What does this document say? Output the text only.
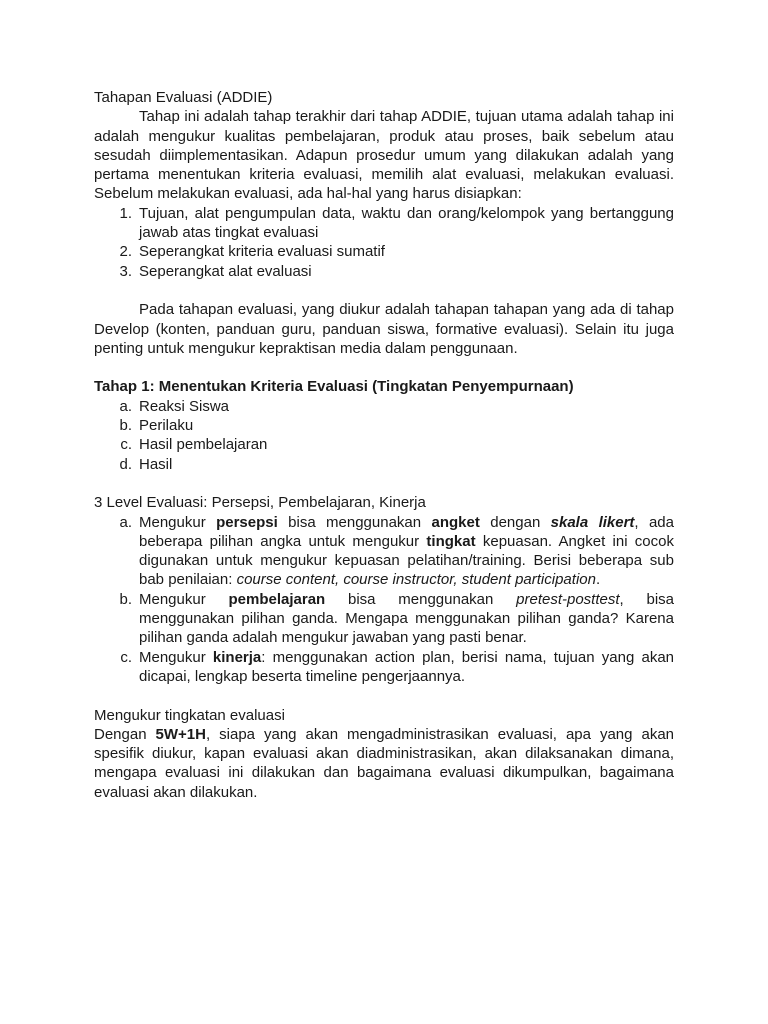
Tahapan Evaluasi (ADDIE)

Tahap ini adalah tahap terakhir dari tahap ADDIE, tujuan utama adalah tahap ini adalah mengukur kualitas pembelajaran, produk atau proses, baik sebelum atau sesudah diimplementasikan. Adapun prosedur umum yang dilakukan adalah yang pertama menentukan kriteria evaluasi, memilih alat evaluasi, melakukan evaluasi. Sebelum melakukan evaluasi, ada hal-hal yang harus disiapkan:

1. Tujuan, alat pengumpulan data, waktu dan orang/kelompok yang bertanggung jawab atas tingkat evaluasi
2. Seperangkat kriteria evaluasi sumatif
3. Seperangkat alat evaluasi

Pada tahapan evaluasi, yang diukur adalah tahapan tahapan yang ada di tahap Develop (konten, panduan guru, panduan siswa, formative evaluasi). Selain itu juga penting untuk mengukur kepraktisan media dalam penggunaan.

Tahap 1: Menentukan Kriteria Evaluasi (Tingkatan Penyempurnaan)

a. Reaksi Siswa
b. Perilaku
c. Hasil pembelajaran
d. Hasil

3 Level Evaluasi: Persepsi, Pembelajaran, Kinerja

a. Mengukur persepsi bisa menggunakan angket dengan skala likert, ada beberapa pilihan angka untuk mengukur tingkat kepuasan. Angket ini cocok digunakan untuk mengukur kepuasan pelatihan/training. Berisi beberapa sub bab penilaian: course content, course instructor, student participation.
b. Mengukur pembelajaran bisa menggunakan pretest-posttest, bisa menggunakan pilihan ganda. Mengapa menggunakan pilihan ganda? Karena pilihan ganda adalah mengukur jawaban yang pasti benar.
c. Mengukur kinerja: menggunakan action plan, berisi nama, tujuan yang akan dicapai, lengkap beserta timeline pengerjaannya.

Mengukur tingkatan evaluasi

Dengan 5W+1H, siapa yang akan mengadministrasikan evaluasi, apa yang akan spesifik diukur, kapan evaluasi akan diadministrasikan, akan dilaksanakan dimana, mengapa evaluasi ini dilakukan dan bagaimana evaluasi dikumpulkan, bagaimana evaluasi akan dilakukan.
